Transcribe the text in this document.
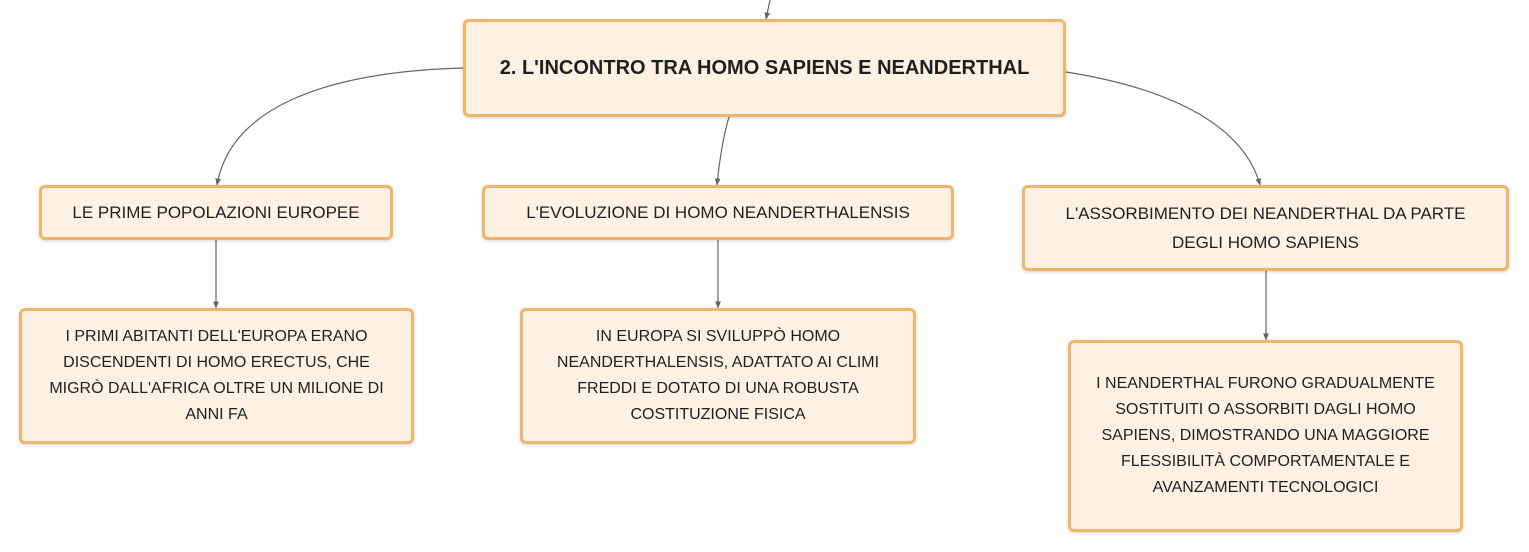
2. L'INCONTRO TRA HOMO SAPIENS E NEANDERTHAL
LE PRIME POPOLAZIONI EUROPEE	L'EVOLUZIONE DI HOMO NEANDERTHALENSIS	L'ASSORBIMENTO DEI NEANDERTHAL DA PARTE DEGLI HOMO SAPIENS
I PRIMI ABITANTI DELL'EUROPA ERANO DISCENDENTI DI HOMO ERECTUS, CHE MIGRÒ DALL'AFRICA OLTRE UN MILIONE DI ANNI FA
IN EUROPA SI SVILUPPÒ HOMO NEANDERTHALENSIS, ADATTATO AI CLIMI FREDDI E DOTATO DI UNA ROBUSTA COSTITUZIONE FISICA
I NEANDERTHAL FURONO GRADUALMENTE SOSTITUITI O ASSORBITI DAGLI HOMO SAPIENS, DIMOSTRANDO UNA MAGGIORE FLESSIBILITÀ COMPORTAMENTALE E AVANZAMENTI TECNOLOGICI
